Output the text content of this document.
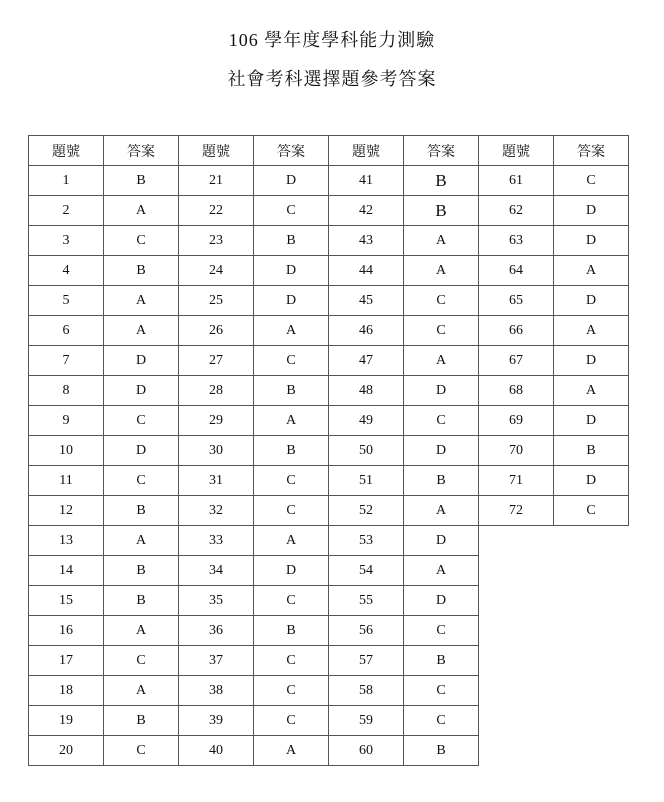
106 學年度學科能力測驗
社會考科選擇題參考答案
題號	答案	題號	答案	題號	答案	題號	答案
1	B	21	D	41	B	61	C
2	A	22	C	42	B	62	D
3	C	23	B	43	A	63	D
4	B	24	D	44	A	64	A
5	A	25	D	45	C	65	D
6	A	26	A	46	C	66	A
7	D	27	C	47	A	67	D
8	D	28	B	48	D	68	A
9	C	29	A	49	C	69	D
10	D	30	B	50	D	70	B
11	C	31	C	51	B	71	D
12	B	32	C	52	A	72	C
13	A	33	A	53	D		
14	B	34	D	54	A		
15	B	35	C	55	D		
16	A	36	B	56	C		
17	C	37	C	57	B		
18	A	38	C	58	C		
19	B	39	C	59	C		
20	C	40	A	60	B		
